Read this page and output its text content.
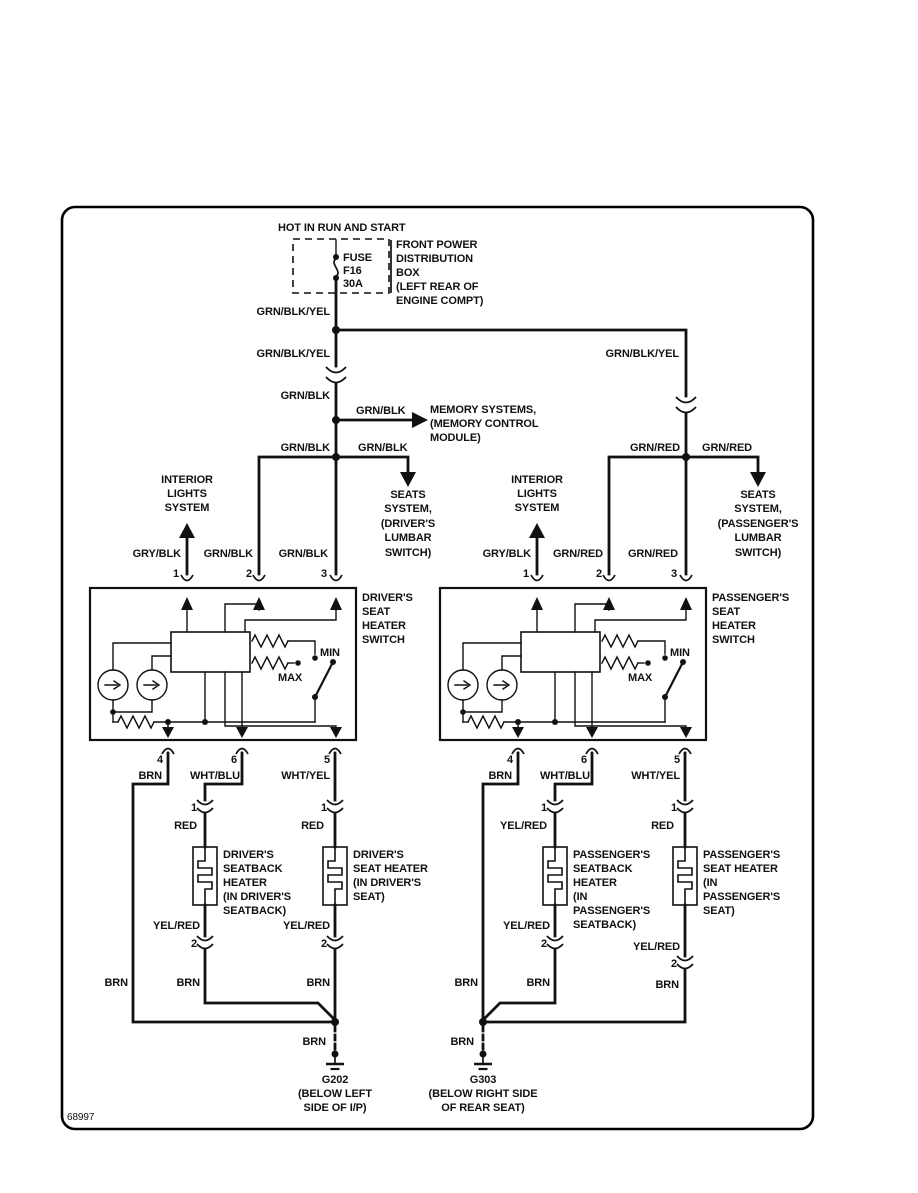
68997
HOT IN RUN AND START
FUSE
F16
30A
FRONT POWER
DISTRIBUTION
BOX
(LEFT REAR OF
ENGINE COMPT)
GRN/BLK/YEL
GRN/BLK/YEL	GRN/BLK/YEL
GRN/BLK
GRN/BLK MEMORY SYSTEMS,
(MEMORY CONTROL
MODULE)
GRN/BLK	GRN/BLK
SEATS
SYSTEM,
(DRIVER'S
LUMBAR
SWITCH)
GRN/RED GRN/RED
SEATS
SYSTEM,
(PASSENGER'S
LUMBAR
SWITCH)
INTERIOR
LIGHTS
SYSTEM
GRY/BLK GRN/BLK GRN/BLK
1	2	3
MIN
MAX
DRIVER'S
SEAT
HEATER
SWITCH
4	6	5
BRN	WHT/BLU	WHT/YEL
1
RED
DRIVER'S
SEATBACK
HEATER
(IN DRIVER'S
SEATBACK)
YEL/RED
2
BRN
1
RED
DRIVER'S
SEAT HEATER
(IN DRIVER'S
SEAT)
YEL/RED
2
BRN
BRN
BRN
G202
(BELOW LEFT
SIDE OF I/P)
INTERIOR
LIGHTS
SYSTEM
GRY/BLK GRN/RED GRN/RED
1	2	3
MIN
MAX
PASSENGER'S
SEAT
HEATER
SWITCH
4	6	5
BRN	WHT/BLU	WHT/YEL
1
YEL/RED
PASSENGER'S
SEATBACK
HEATER
(IN
PASSENGER'S
SEATBACK)
YEL/RED
2
BRN
1
RED
PASSENGER'S
SEAT HEATER
(IN
PASSENGER'S
SEAT)
YEL/RED
2
BRN
BRN
BRN
G303
(BELOW RIGHT SIDE
OF REAR SEAT)
